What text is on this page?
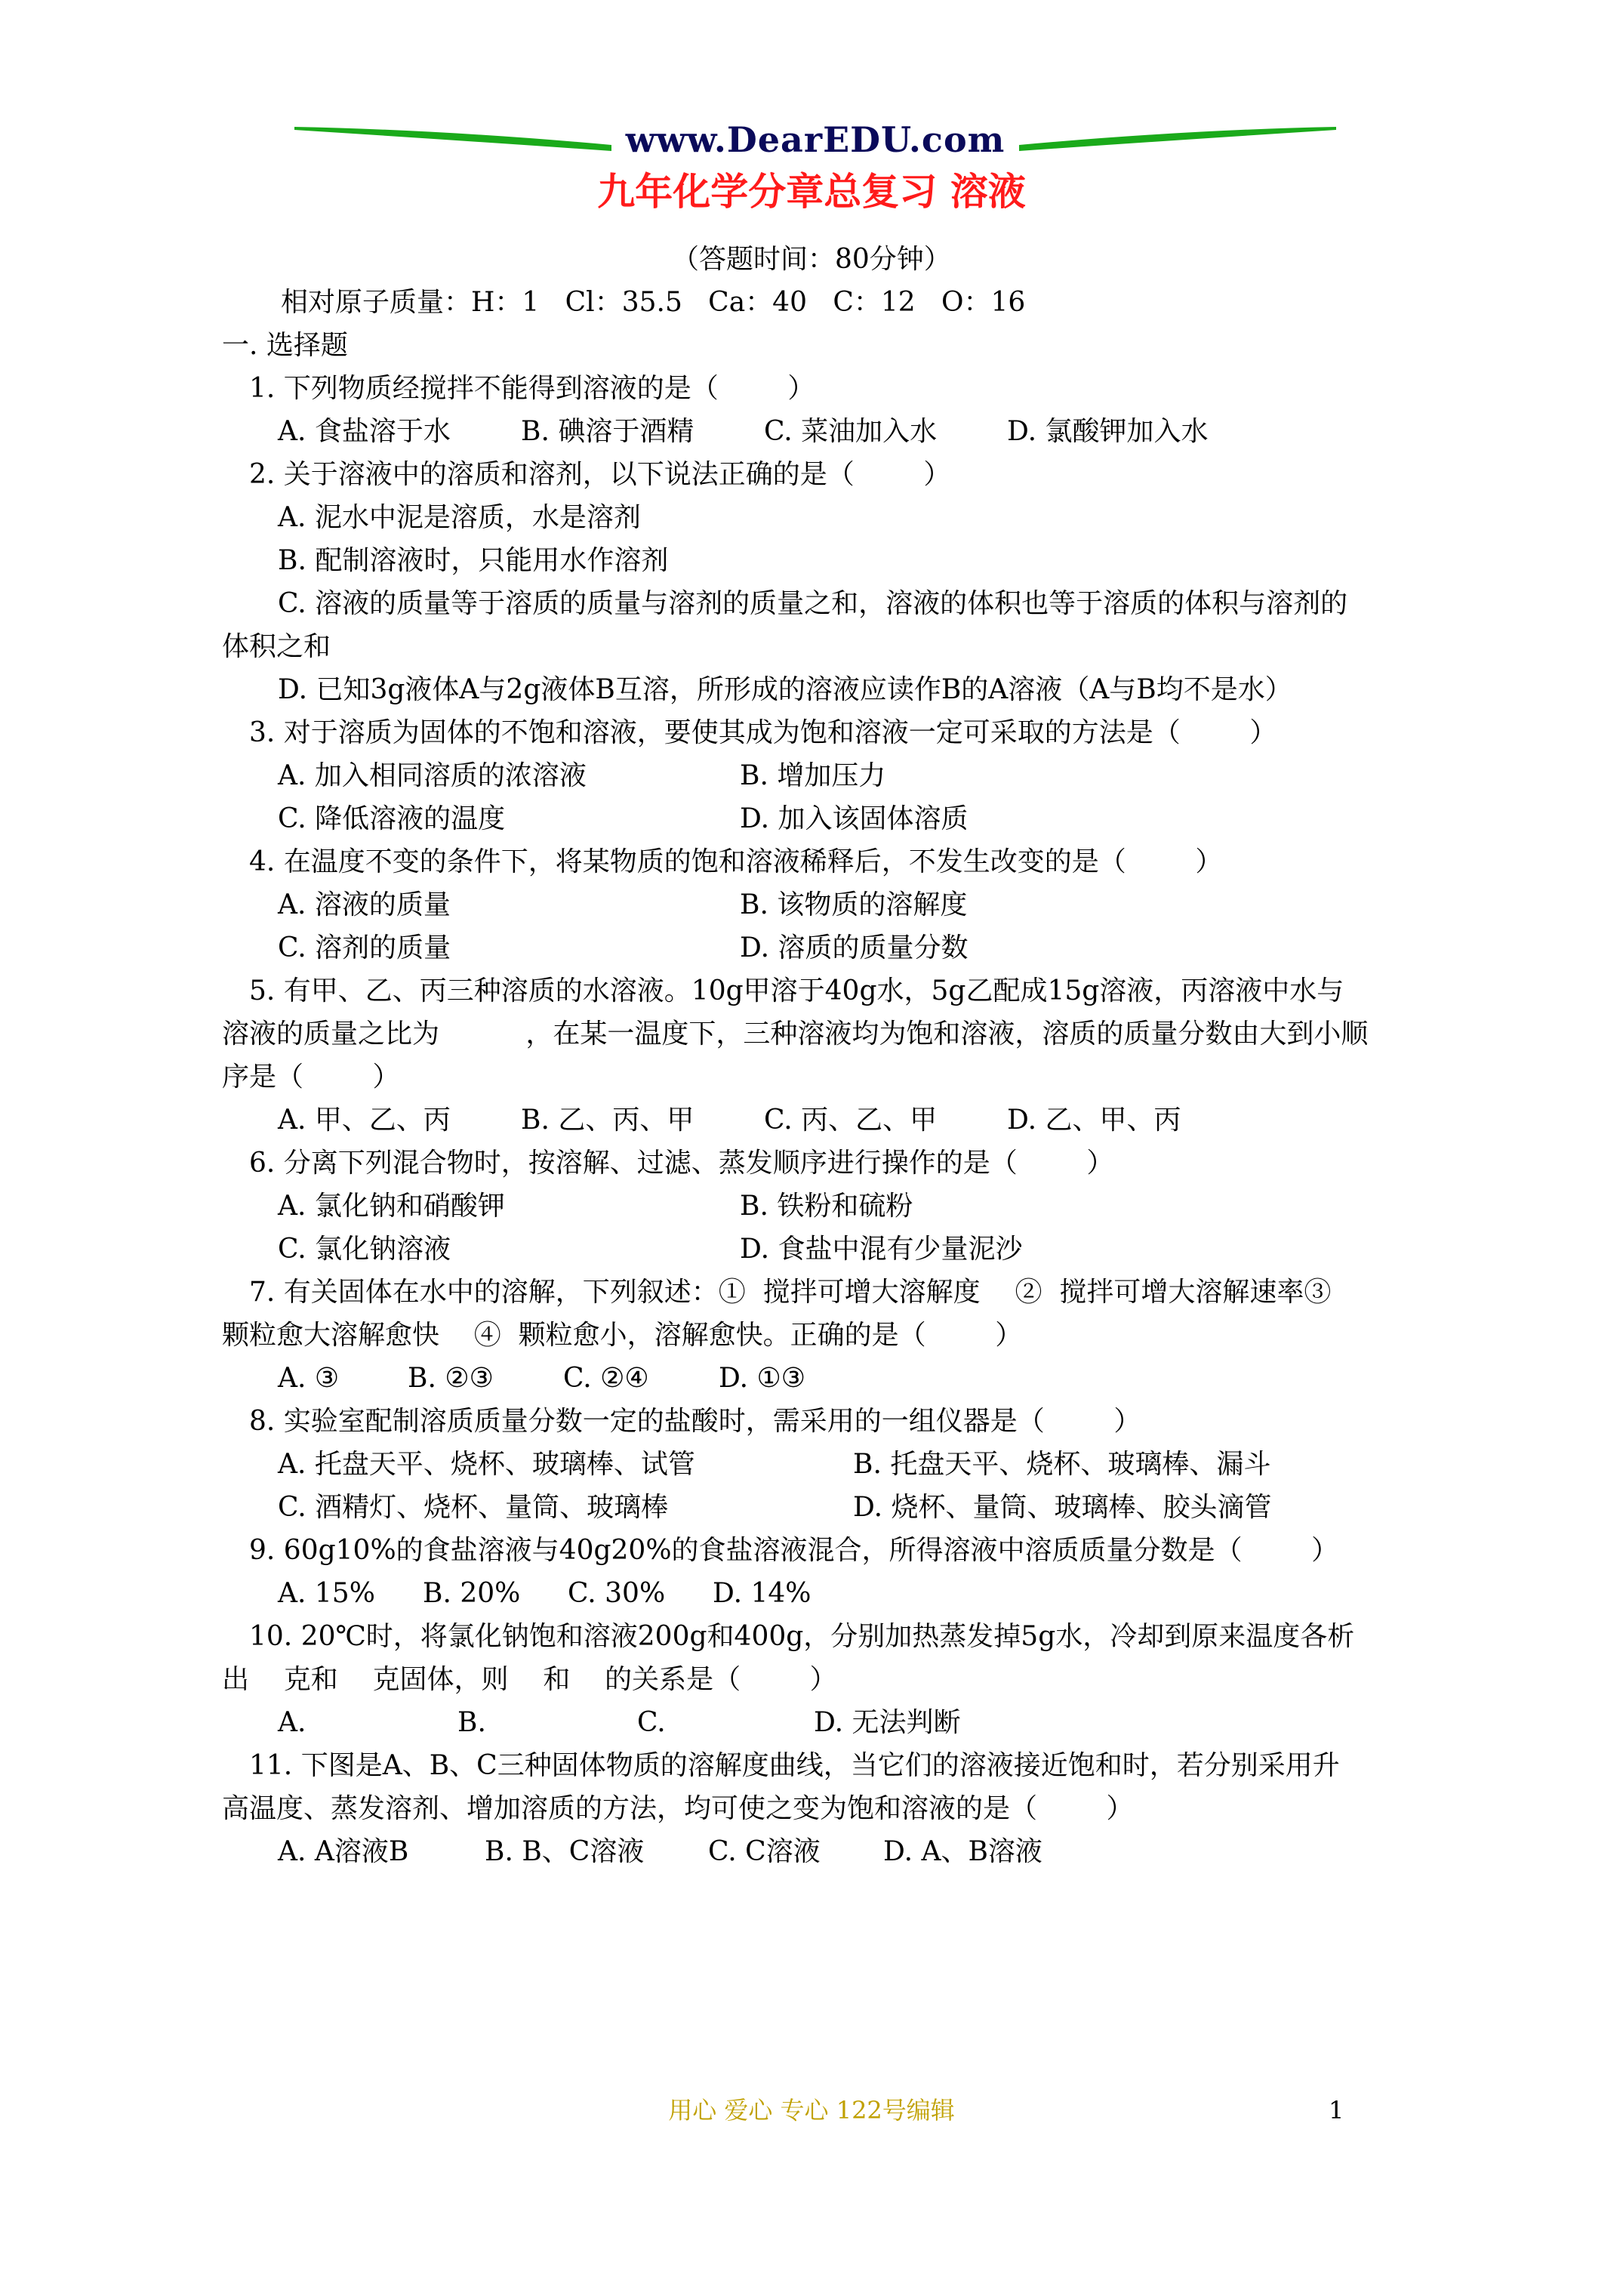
www.DearEDU.com
九年化学分章总复习 溶液
（答题时间：80分钟）
相对原子质量：H：1   Cl：35.5   Ca：40   C：12   O：16
一. 选择题
1. 下列物质经搅拌不能得到溶液的是（        ）
A. 食盐溶于水	B. 碘溶于酒精	C. 菜油加入水	D. 氯酸钾加入水
2. 关于溶液中的溶质和溶剂，以下说法正确的是（        ）
A. 泥水中泥是溶质，水是溶剂
B. 配制溶液时，只能用水作溶剂
C. 溶液的质量等于溶质的质量与溶剂的质量之和，溶液的体积也等于溶质的体积与溶剂的
体积之和
D. 已知3g液体A与2g液体B互溶，所形成的溶液应读作B的A溶液（A与B均不是水）
3. 对于溶质为固体的不饱和溶液，要使其成为饱和溶液一定可采取的方法是（        ）
A. 加入相同溶质的浓溶液	B. 增加压力
C. 降低溶液的温度	D. 加入该固体溶质
4. 在温度不变的条件下，将某物质的饱和溶液稀释后，不发生改变的是（        ）
A. 溶液的质量	B. 该物质的溶解度
C. 溶剂的质量	D. 溶质的质量分数
5. 有甲、乙、丙三种溶质的水溶液。10g甲溶于40g水，5g乙配成15g溶液，丙溶液中水与
溶液的质量之比为          ，在某一温度下，三种溶液均为饱和溶液，溶质的质量分数由大到小顺
序是（        ）
A. 甲、乙、丙	B. 乙、丙、甲	C. 丙、乙、甲	D. 乙、甲、丙
6. 分离下列混合物时，按溶解、过滤、蒸发顺序进行操作的是（        ）
A. 氯化钠和硝酸钾	B. 铁粉和硫粉
C. 氯化钠溶液	D. 食盐中混有少量泥沙
7. 有关固体在水中的溶解，下列叙述：①  搅拌可增大溶解度    ②  搅拌可增大溶解速率③
颗粒愈大溶解愈快    ④  颗粒愈小，溶解愈快。正确的是（        ）
A. ③	B. ②③	C. ②④	D. ①③
8. 实验室配制溶质质量分数一定的盐酸时，需采用的一组仪器是（        ）
A. 托盘天平、烧杯、玻璃棒、试管	B. 托盘天平、烧杯、玻璃棒、漏斗
C. 酒精灯、烧杯、量筒、玻璃棒	D. 烧杯、量筒、玻璃棒、胶头滴管
9. 60g10%的食盐溶液与40g20%的食盐溶液混合，所得溶液中溶质质量分数是（        ）
A. 15% B. 20% C. 30% D. 14%
10. 20℃时，将氯化钠饱和溶液200g和400g，分别加热蒸发掉5g水，冷却到原来温度各析
出    克和    克固体，则    和    的关系是（        ）
A.	B.	C.	D. 无法判断
11. 下图是A、B、C三种固体物质的溶解度曲线，当它们的溶液接近饱和时，若分别采用升
高温度、蒸发溶剂、增加溶质的方法，均可使之变为饱和溶液的是（        ）
A. A溶液B	B. B、C溶液 C. C溶液 D. A、B溶液
用心 爱心 专心 122号编辑	1
